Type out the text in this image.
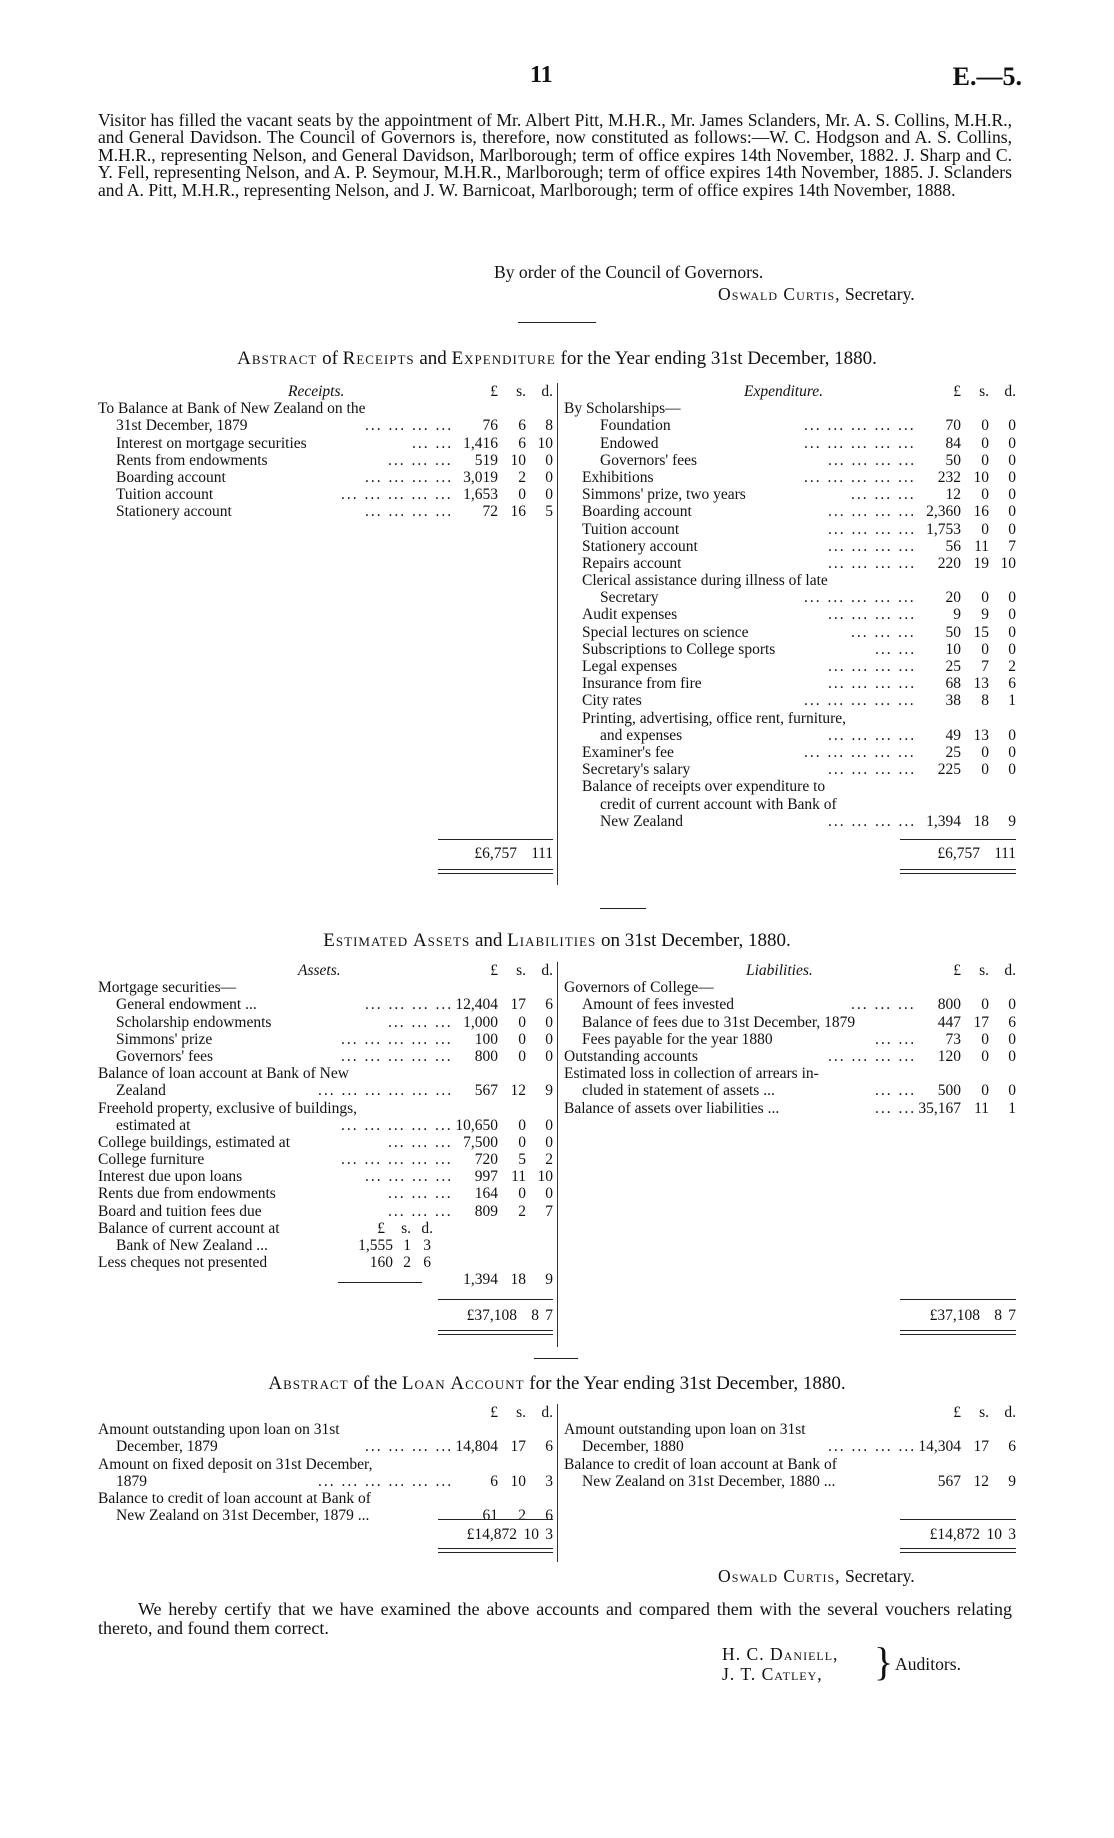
11	E.—5.
Visitor has filled the vacant seats by the appointment of Mr. Albert Pitt, M.H.R., Mr. James Sclanders, Mr. A. S. Collins, M.H.R., and General Davidson. The Council of Governors is, therefore, now constituted as follows:—W. C. Hodgson and A. S. Collins, M.H.R., representing Nelson, and General Davidson, Marlborough; term of office expires 14th November, 1882. J. Sharp and C. Y. Fell, representing Nelson, and A. P. Seymour, M.H.R., Marlborough; term of office expires 14th November, 1885. J. Sclanders and A. Pitt, M.H.R., representing Nelson, and J. W. Barnicoat, Marlborough; term of office expires 14th November, 1888.
By order of the Council of Governors.
Oswald Curtis, Secretary.
Abstract of Receipts and Expenditure for the Year ending 31st December, 1880.
Receipts.	£ s. d.
To Balance at Bank of New Zealand on the
31st December, 1879	... ... ... ... 76 6 8
Interest on mortgage securities	... ... 1,416 6 10
Rents from endowments	... ... ... 519 10 0
Boarding account	... ... ... ... 3,019 2 0
Tuition account	... ... ... ... ... 1,653 0 0
Stationery account	... ... ... ... 72 16 5
Expenditure.	£ s. d.
By Scholarships—
Foundation	... ... ... ... ... 70 0 0
Endowed	... ... ... ... ... 84 0 0
Governors' fees	... ... ... ... 50 0 0
Exhibitions	... ... ... ... ... 232 10 0
Simmons' prize, two years	... ... ... 12 0 0
Boarding account	... ... ... ... 2,360 16 0
Tuition account	... ... ... ... 1,753 0 0
Stationery account	... ... ... ... 56 11 7
Repairs account	... ... ... ... 220 19 10
Clerical assistance during illness of late
Secretary	... ... ... ... ... 20 0 0
Audit expenses	... ... ... ... 9 9 0
Special lectures on science	... ... ... 50 15 0
Subscriptions to College sports	... ... 10 0 0
Legal expenses	... ... ... ... 25 7 2
Insurance from fire	... ... ... ... 68 13 6
City rates	... ... ... ... ... 38 8 1
Printing, advertising, office rent, furniture,
and expenses	... ... ... ... 49 13 0
Examiner's fee	... ... ... ... ... 25 0 0
Secretary's salary	... ... ... ... 225 0 0
Balance of receipts over expenditure to
credit of current account with Bank of
New Zealand	... ... ... ... 1,394 18 9
£6,757 1 11	£6,757 1 11
Estimated Assets and Liabilities on 31st December, 1880.
Assets.	£ s. d.
Mortgage securities—
General endowment ...	... ... ... ... 12,404 17 6
Scholarship endowments	... ... ... 1,000 0 0
Simmons' prize	... ... ... ... ... 100 0 0
Governors' fees	... ... ... ... ... 800 0 0
Balance of loan account at Bank of New
Zealand	... ... ... ... ... ... 567 12 9
Freehold property, exclusive of buildings,
estimated at	... ... ... ... ... 10,650 0 0
College buildings, estimated at	... ... ... 7,500 0 0
College furniture	... ... ... ... ... 720 5 2
Interest due upon loans	... ... ... ... 997 11 10
Rents due from endowments	... ... ... 164 0 0
Board and tuition fees due	... ... ... 809 2 7
Balance of current account at	£ s. d.
Bank of New Zealand ...	1,555 1 3
Less cheques not presented	160 2 6
1,394 18 9
Liabilities.	£ s. d.
Governors of College—
Amount of fees invested	... ... ... 800 0 0
Balance of fees due to 31st December, 1879	447 17 6
Fees payable for the year 1880	... ... 73 0 0
Outstanding accounts	... ... ... ... 120 0 0
Estimated loss in collection of arrears in-
cluded in statement of assets ...	... ... 500 0 0
Balance of assets over liabilities ...	... ... 35,167 11 1
£37,108 8 7	£37,108 8 7
Abstract of the Loan Account for the Year ending 31st December, 1880.
£ s. d.
Amount outstanding upon loan on 31st
December, 1879	... ... ... ... 14,804 17 6
Amount on fixed deposit on 31st December,
1879	... ... ... ... ... ... 6 10 3
Balance to credit of loan account at Bank of
New Zealand on 31st December, 1879 ...	61 2 6
£ s. d.
Amount outstanding upon loan on 31st
December, 1880	... ... ... ... 14,304 17 6
Balance to credit of loan account at Bank of
New Zealand on 31st December, 1880 ...	567 12 9
£14,872 10 3	£14,872 10 3
Oswald Curtis, Secretary.
We hereby certify that we have examined the above accounts and compared them with the several vouchers relating thereto, and found them correct.
H. C. Daniell,
J. T. Catley, } Auditors.
